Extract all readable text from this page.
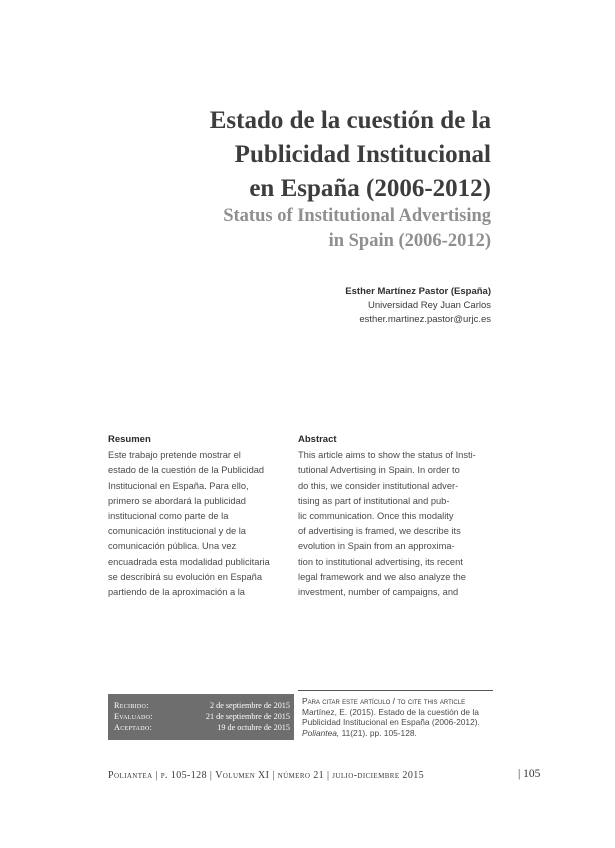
Estado de la cuestión de la
Publicidad Institucional
en España (2006-2012)
Status of Institutional Advertising
in Spain (2006-2012)
Esther Martínez Pastor (España)
Universidad Rey Juan Carlos
esther.martinez.pastor@urjc.es
Resumen
Este trabajo pretende mostrar el
estado de la cuestión de la Publicidad
Institucional en España. Para ello,
primero se abordará la publicidad
institucional como parte de la
comunicación institucional y de la
comunicación pública. Una vez
encuadrada esta modalidad publicitaria
se describirá su evolución en España
partiendo de la aproximación a la
Abstract
This article aims to show the status of Insti-
tutional Advertising in Spain. In order to
do this, we consider institutional adver-
tising as part of institutional and pub-
lic communication. Once this modality
of advertising is framed, we describe its
evolution in Spain from an approxima-
tion to institutional advertising, its recent
legal framework and we also analyze the
investment, number of campaigns, and
Recibido:	2 de septiembre de 2015
Evaluado:	21 de septiembre de 2015
Aceptado:	19 de octubre de 2015
Para citar este artículo / to cite this article
Martínez, E. (2015). Estado de la cuestión de la
Publicidad Institucional en España (2006-2012).
Poliantea, 11(21). pp. 105-128.
Poliantea | p. 105-128 | Volumen XI | número 21 | julio-diciembre 2015	| 105
